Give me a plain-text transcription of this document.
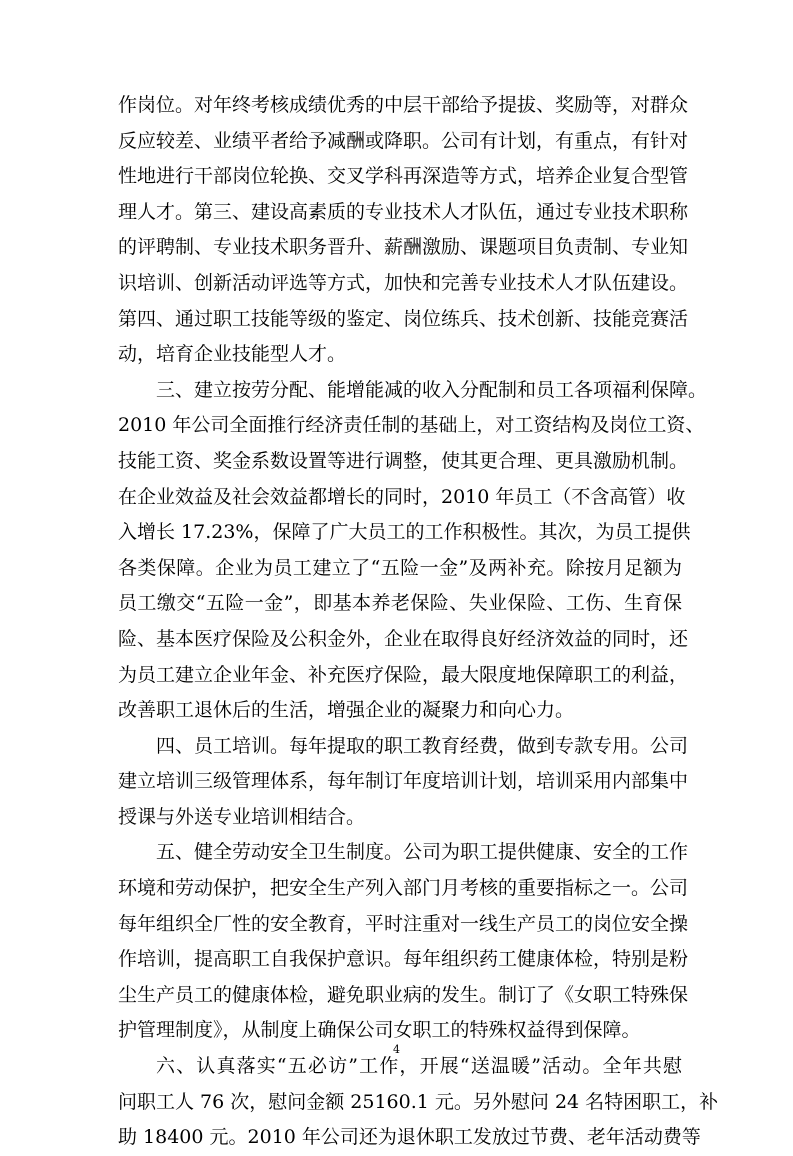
作岗位。对年终考核成绩优秀的中层干部给予提拔、奖励等，对群众
反应较差、业绩平者给予减酬或降职。公司有计划，有重点，有针对
性地进行干部岗位轮换、交叉学科再深造等方式，培养企业复合型管
理人才。第三、建设高素质的专业技术人才队伍，通过专业技术职称
的评聘制、专业技术职务晋升、薪酬激励、课题项目负责制、专业知
识培训、创新活动评选等方式，加快和完善专业技术人才队伍建设。
第四、通过职工技能等级的鉴定、岗位练兵、技术创新、技能竞赛活
动，培育企业技能型人才。
三、建立按劳分配、能增能减的收入分配制和员工各项福利保障。
2010 年公司全面推行经济责任制的基础上，对工资结构及岗位工资、
技能工资、奖金系数设置等进行调整，使其更合理、更具激励机制。
在企业效益及社会效益都增长的同时，2010 年员工（不含高管）收
入增长 17.23%，保障了广大员工的工作积极性。其次，为员工提供
各类保障。企业为员工建立了“五险一金”及两补充。除按月足额为
员工缴交“五险一金”，即基本养老保险、失业保险、工伤、生育保
险、基本医疗保险及公积金外，企业在取得良好经济效益的同时，还
为员工建立企业年金、补充医疗保险，最大限度地保障职工的利益，
改善职工退休后的生活，增强企业的凝聚力和向心力。
四、员工培训。每年提取的职工教育经费，做到专款专用。公司
建立培训三级管理体系，每年制订年度培训计划，培训采用内部集中
授课与外送专业培训相结合。
五、健全劳动安全卫生制度。公司为职工提供健康、安全的工作
环境和劳动保护，把安全生产列入部门月考核的重要指标之一。公司
每年组织全厂性的安全教育，平时注重对一线生产员工的岗位安全操
作培训，提高职工自我保护意识。每年组织药工健康体检，特别是粉
尘生产员工的健康体检，避免职业病的发生。制订了《女职工特殊保
护管理制度》，从制度上确保公司女职工的特殊权益得到保障。
六、认真落实“五必访”工作，开展“送温暖”活动。全年共慰
问职工人 76 次，慰问金额 25160.1 元。另外慰问 24 名特困职工，补
助 18400 元。2010 年公司还为退休职工发放过节费、老年活动费等
4
